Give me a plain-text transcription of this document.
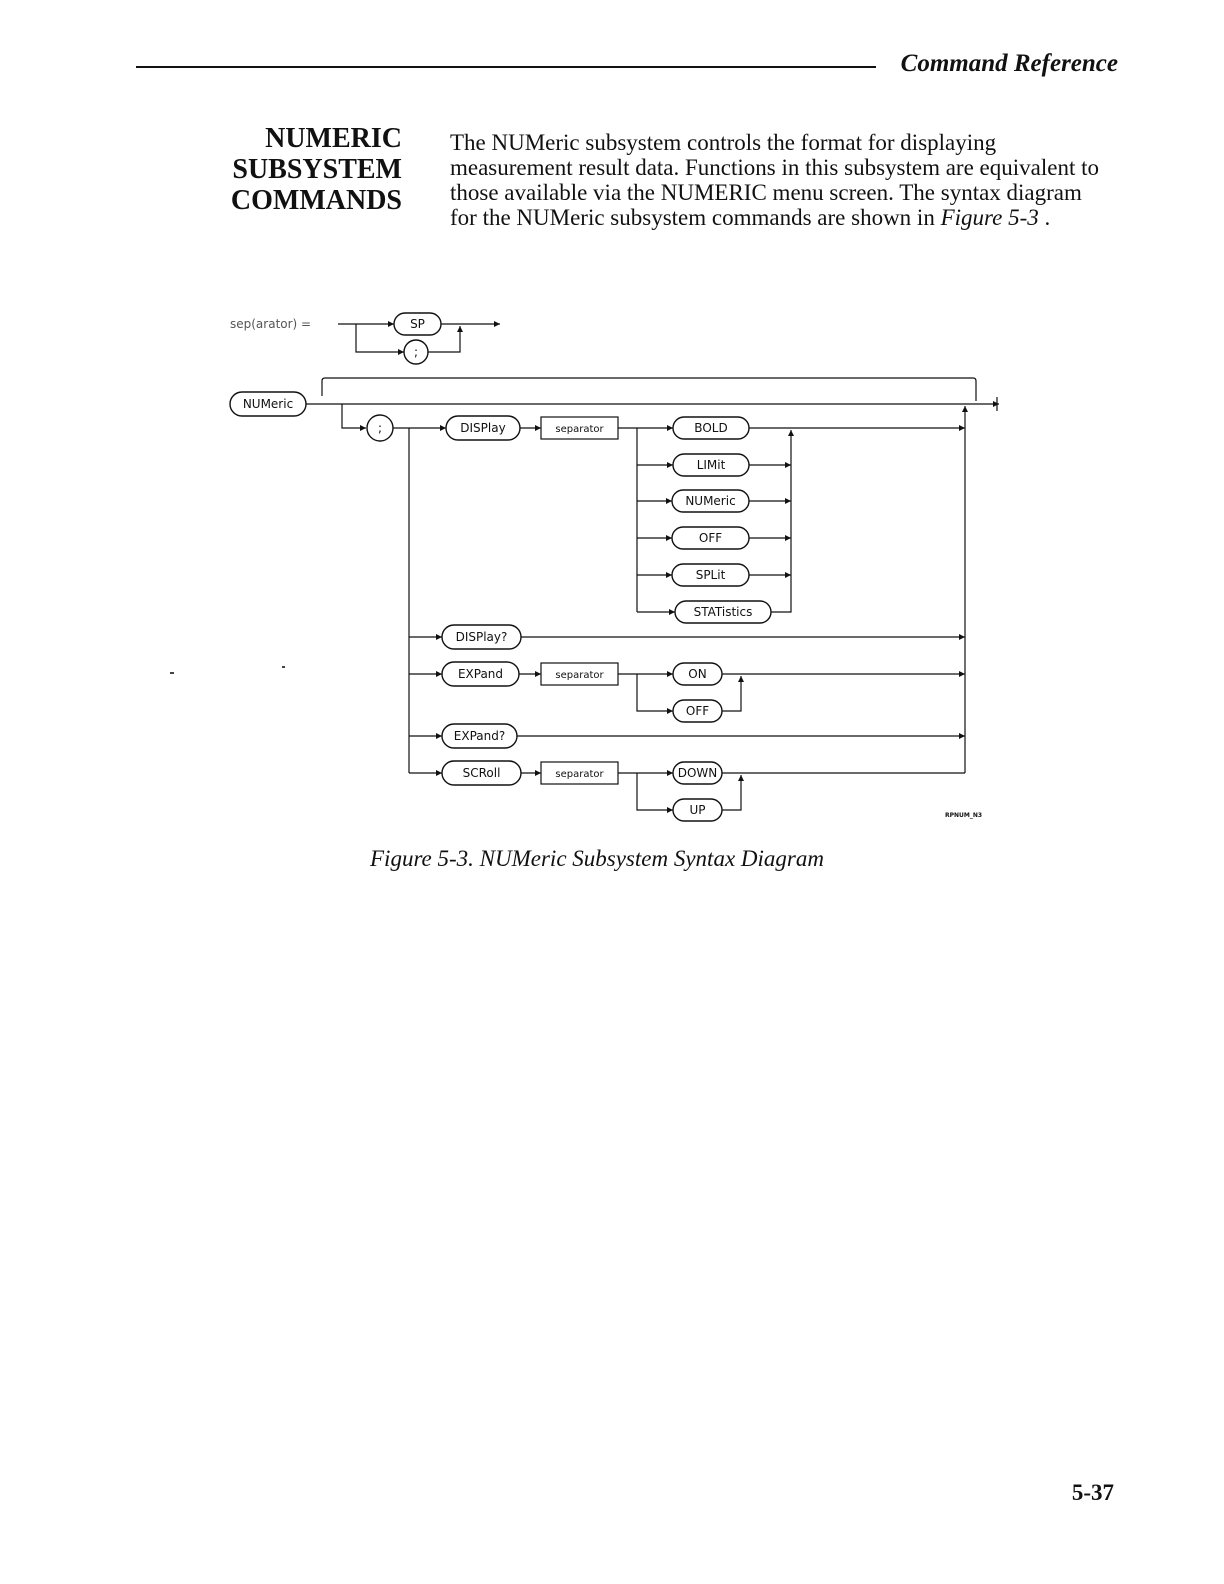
Command Reference
NUMERIC
SUBSYSTEM
COMMANDS
The NUMeric subsystem controls the format for displaying measurement result data. Functions in this subsystem are equivalent to those available via the NUMERIC menu screen. The syntax diagram for the NUMeric subsystem commands are shown in Figure 5-3 .
sep(arator) =	SP
;
NUMeric
;	DISPlay	separator	BOLD
LIMit
NUMeric
OFF
SPLit
STATistics
DISPlay?
EXPand	separator	ON
OFF
EXPand?
SCRoll	separator	DOWN
UP	RPNUM_N3
Figure 5-3. NUMeric Subsystem Syntax Diagram
5-37
